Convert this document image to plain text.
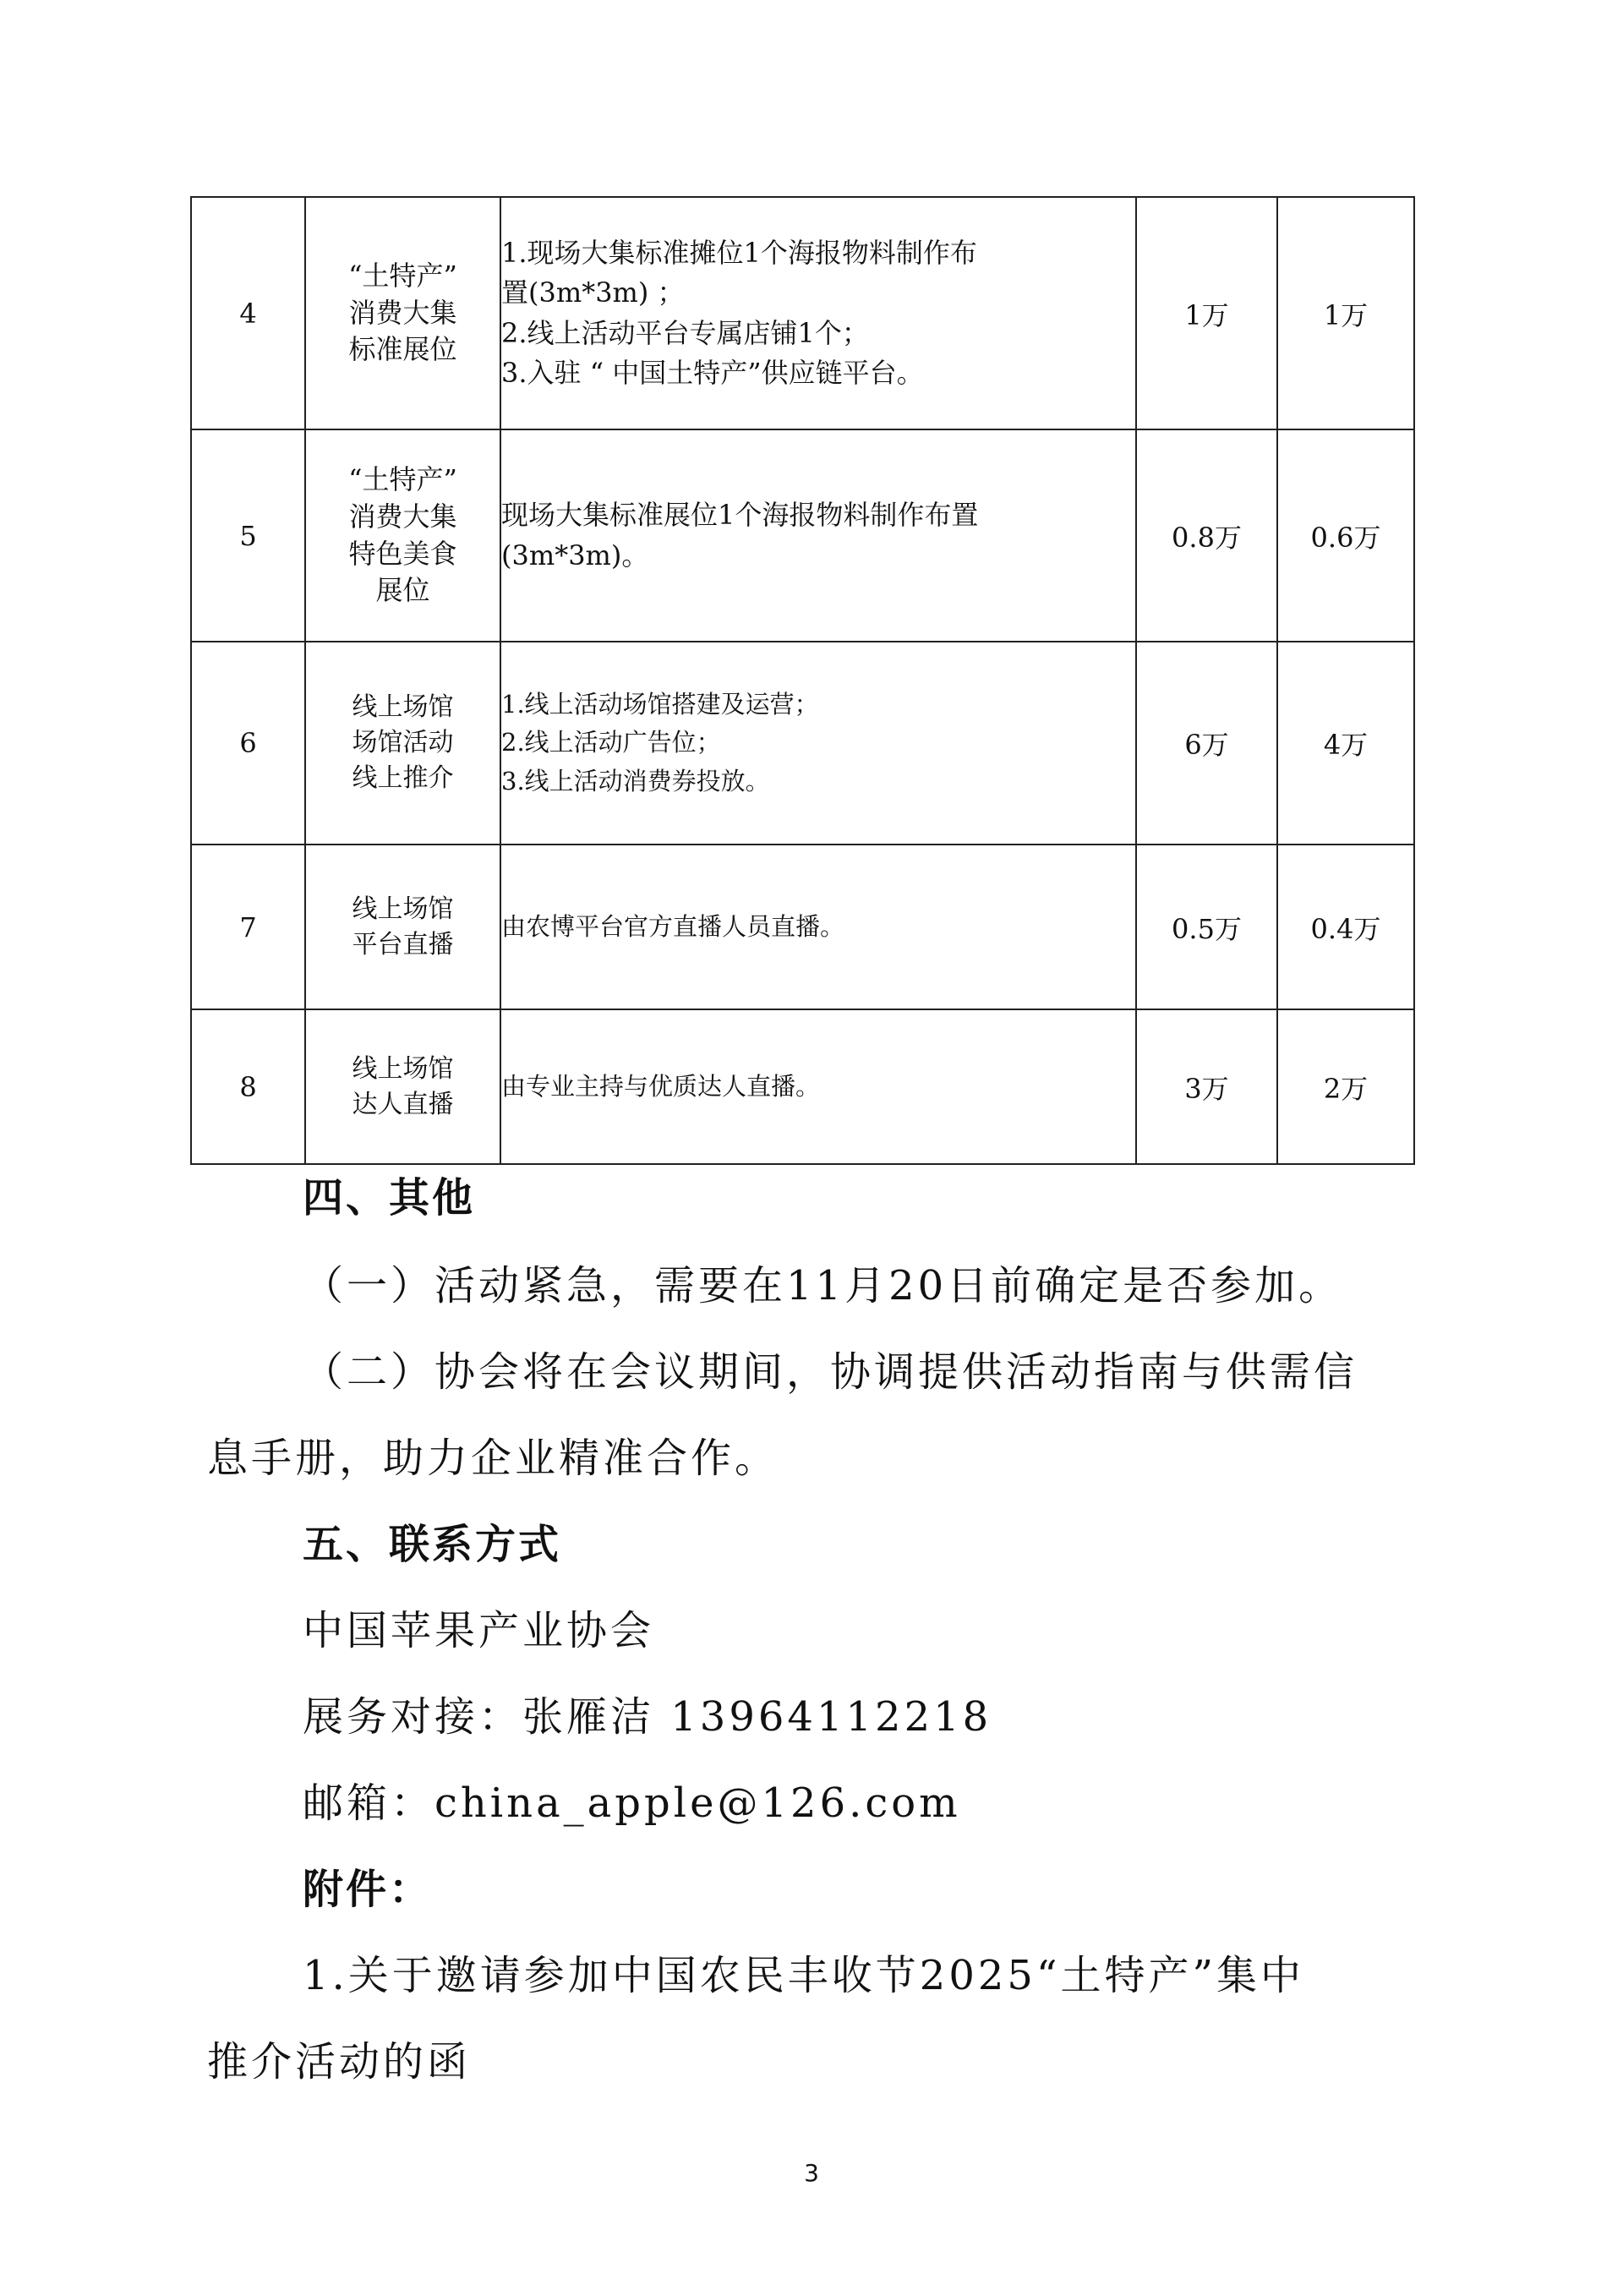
4	“土特产”
消费大集
标准展位	1.现场大集标准摊位1个海报物料制作布
置(3m*3m) ；
2.线上活动平台专属店铺1个；
3.入驻 “ 中国土特产”供应链平台。	1万	1万
5	“土特产”
消费大集
特色美食
展位	现场大集标准展位1个海报物料制作布置
(3m*3m)。	0.8万	0.6万
6	线上场馆
场馆活动
线上推介	1.线上活动场馆搭建及运营；
2.线上活动广告位；
3.线上活动消费券投放。	6万	4万
7	线上场馆
平台直播	由农博平台官方直播人员直播。	0.5万	0.4万
8	线上场馆
达人直播	由专业主持与优质达人直播。	3万	2万
四、其他
（一）活动紧急，需要在11月20日前确定是否参加。
（二）协会将在会议期间，协调提供活动指南与供需信
息手册，助力企业精准合作。
五、联系方式
中国苹果产业协会
展务对接：张雁洁 13964112218
邮箱：china_apple@126.com
附件：
1.关于邀请参加中国农民丰收节2025“土特产”集中
推介活动的函
3
